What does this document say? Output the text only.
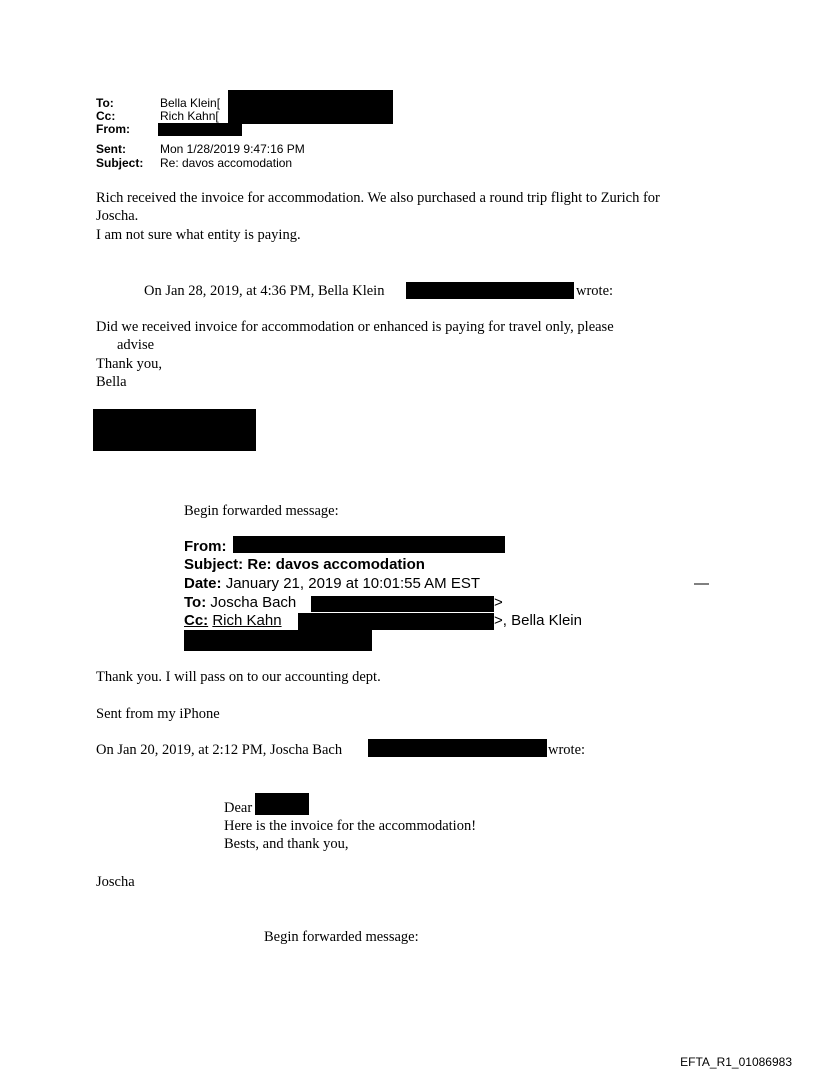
To:	Bella Klein[
Cc:	Rich Kahn[
From:
Sent:	Mon 1/28/2019 9:47:16 PM
Subject: Re: davos accomodation
Rich received the invoice for accommodation. We also purchased a round trip flight to Zurich for
Joscha.
I am not sure what entity is paying.
On Jan 28, 2019, at 4:36 PM, Bella Klein	wrote:
Did we received invoice for accommodation or enhanced is paying for travel only, please
advise
Thank you,
Bella
Begin forwarded message:
From:
Subject: Re: davos accomodation
Date: January 21, 2019 at 10:01:55 AM EST	—
To: Joscha Bach	>
Cc: Rich Kahn	>, Bella Klein
Thank you. I will pass on to our accounting dept.
Sent from my iPhone
On Jan 20, 2019, at 2:12 PM, Joscha Bach	wrote:
Dear
Here is the invoice for the accommodation!
Bests, and thank you,
Joscha
Begin forwarded message:
EFTA_R1_01086983
